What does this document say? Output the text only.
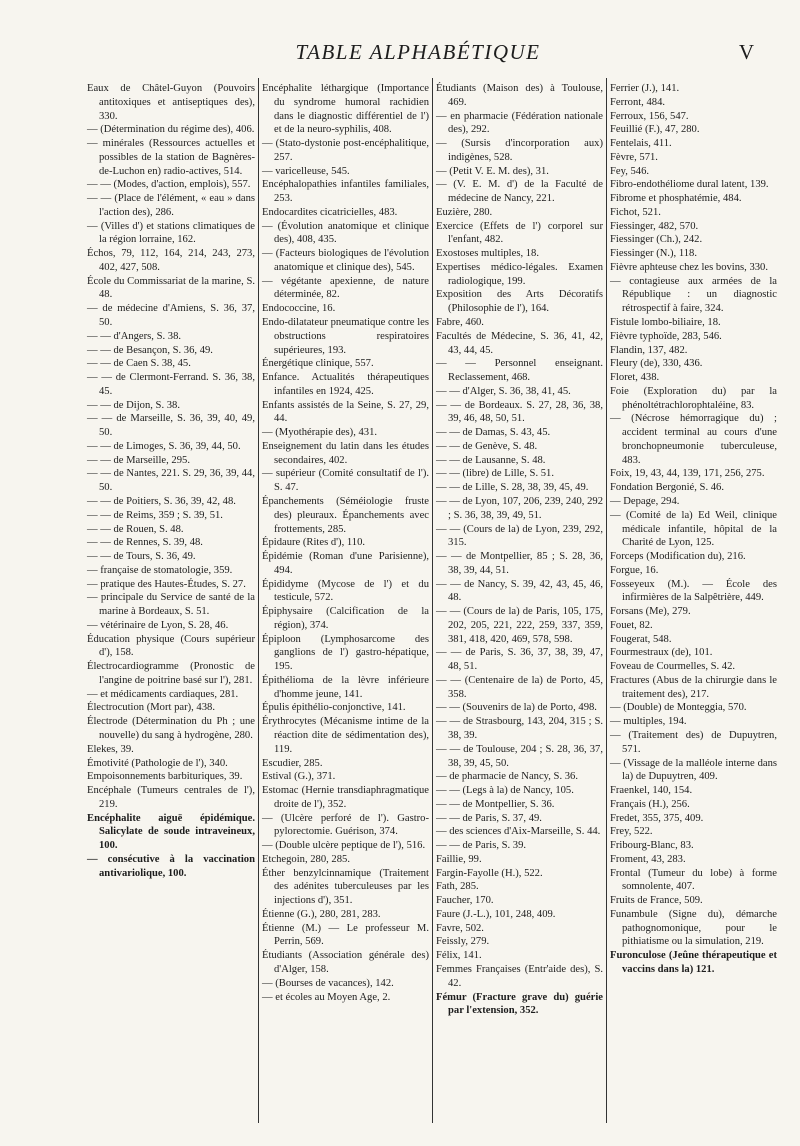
TABLE ALPHABÉTIQUE	V
Eaux de Châtel-Guyon (Pouvoirs antitoxiques et antiseptiques des), 330.
— (Détermination du régime des), 406.
— minérales (Ressources actuelles et possibles de la station de Bagnères-de-Luchon en) radio-actives, 514.
— — (Modes, d'action, emplois), 557.
— — (Place de l'élément, « eau » dans l'action des), 286.
— (Villes d') et stations climatiques de la région lorraine, 162.
Échos, 79, 112, 164, 214, 243, 273, 402, 427, 508.
École du Commissariat de la marine, S. 48.
— de médecine d'Amiens, S. 36, 37, 50.
— — d'Angers, S. 38.
— — de Besançon, S. 36, 49.
— — de Caen S. 38, 45.
— — de Clermont-Ferrand. S. 36, 38, 45.
— — de Dijon, S. 38.
— — de Marseille, S. 36, 39, 40, 49, 50.
— — de Limoges, S. 36, 39, 44, 50.
— — de Marseille, 295.
— — de Nantes, 221. S. 29, 36, 39, 44, 50.
— — de Poitiers, S. 36, 39, 42, 48.
— — de Reims, 359 ; S. 39, 51.
— — de Rouen, S. 48.
— — de Rennes, S. 39, 48.
— — de Tours, S. 36, 49.
— française de stomatologie, 359.
— pratique des Hautes-Études, S. 27.
— principale du Service de santé de la marine à Bordeaux, S. 51.
— vétérinaire de Lyon, S. 28, 46.
Éducation physique (Cours supérieur d'), 158.
Électrocardiogramme (Pronostic de l'angine de poitrine basé sur l'), 281.
— et médicaments cardiaques, 281.
Électrocution (Mort par), 438.
Électrode (Détermination du Ph ; une nouvelle) du sang à hydrogène, 280.
Elekes, 39.
Émotivité (Pathologie de l'), 340.
Empoisonnements barbituriques, 39.
Encéphale (Tumeurs centrales de l'), 219.
Encéphalite aiguë épidémique. Salicylate de soude intraveineux, 100.
— consécutive à la vaccination antivariolique, 100.
Encéphalite léthargique (Importance du syndrome humoral rachidien dans le diagnostic différentiel de l') et de la neuro-syphilis, 408.
— (Stato-dystonie post-encéphalitique, 257.
— varicelleuse, 545.
Encéphalopathies infantiles familiales, 253.
Endocardites cicatricielles, 483.
— (Évolution anatomique et clinique des), 408, 435.
— (Facteurs biologiques de l'évolution anatomique et clinique des), 545.
— végétante apexienne, de nature déterminée, 82.
Endococcine, 16.
Endo-dilatateur pneumatique contre les obstructions respiratoires supérieures, 193.
Énergétique clinique, 557.
Enfance. Actualités thérapeutiques infantiles en 1924, 425.
Enfants assistés de la Seine, S. 27, 29, 44.
— (Myothérapie des), 431.
Enseignement du latin dans les études secondaires, 402.
— supérieur (Comité consultatif de l'). S. 47.
Épanchements (Séméiologie fruste des) pleuraux. Épanchements avec frottements, 285.
Épidaure (Rites d'), 110.
Épidémie (Roman d'une Parisienne), 494.
Épididyme (Mycose de l') et du testicule, 572.
Épiphysaire (Calcification de la région), 374.
Épiploon (Lymphosarcome des ganglions de l') gastro-hépatique, 195.
Épithélioma de la lèvre inférieure d'homme jeune, 141.
Épulis épithélio-conjonctive, 141.
Érythrocytes (Mécanisme intime de la réaction dite de sédimentation des), 119.
Escudier, 285.
Estival (G.), 371.
Estomac (Hernie transdiaphragmatique droite de l'), 352.
— (Ulcère perforé de l'). Gastro-pylorectomie. Guérison, 374.
— (Double ulcère peptique de l'), 516.
Etchegoin, 280, 285.
Éther benzylcinnamique (Traitement des adénites tuberculeuses par les injections d'), 351.
Étienne (G.), 280, 281, 283.
Étienne (M.) — Le professeur M. Perrin, 569.
Étudiants (Association générale des) d'Alger, 158.
— (Bourses de vacances), 142.
— et écoles au Moyen Age, 2.
Étudiants (Maison des) à Toulouse, 469.
— en pharmacie (Fédération nationale des), 292.
— (Sursis d'incorporation aux) indigènes, 528.
— (Petit V. E. M. des), 31.
— (V. E. M. d') de la Faculté de médecine de Nancy, 221.
Euzière, 280.
Exercice (Effets de l') corporel sur l'enfant, 482.
Exostoses multiples, 18.
Expertises médico-légales. Examen radiologique, 199.
Exposition des Arts Décoratifs (Philosophie de l'), 164.
Fabre, 460.
Facultés de Médecine, S. 36, 41, 42, 43, 44, 45.
— — Personnel enseignant. Reclassement, 468.
— — d'Alger, S. 36, 38, 41, 45.
— — de Bordeaux. S. 27, 28, 36, 38, 39, 46, 48, 50, 51.
— — de Damas, S. 43, 45.
— — de Genève, S. 48.
— — de Lausanne, S. 48.
— — (libre) de Lille, S. 51.
— — de Lille, S. 28, 38, 39, 45, 49.
— — de Lyon, 107, 206, 239, 240, 292 ; S. 36, 38, 39, 49, 51.
— — (Cours de la) de Lyon, 239, 292, 315.
— — de Montpellier, 85 ; S. 28, 36, 38, 39, 44, 51.
— — de Nancy, S. 39, 42, 43, 45, 46, 48.
— — (Cours de la) de Paris, 105, 175, 202, 205, 221, 222, 259, 337, 359, 381, 418, 420, 469, 578, 598.
— — de Paris, S. 36, 37, 38, 39, 47, 48, 51.
— — (Centenaire de la) de Porto, 45, 358.
— — (Souvenirs de la) de Porto, 498.
— — de Strasbourg, 143, 204, 315 ; S. 38, 39.
— — de Toulouse, 204 ; S. 28, 36, 37, 38, 39, 45, 50.
— de pharmacie de Nancy, S. 36.
— — (Legs à la) de Nancy, 105.
— — de Montpellier, S. 36.
— — de Paris, S. 37, 49.
— des sciences d'Aix-Marseille, S. 44.
— — de Paris, S. 39.
Faillie, 99.
Fargin-Fayolle (H.), 522.
Fath, 285.
Faucher, 170.
Faure (J.-L.), 101, 248, 409.
Favre, 502.
Feissly, 279.
Félix, 141.
Femmes Françaises (Entr'aide des), S. 42.
Fémur (Fracture grave du) guérie par l'extension, 352.
Ferrier (J.), 141.
Ferront, 484.
Ferroux, 156, 547.
Feuillié (F.), 47, 280.
Fentelais, 411.
Fèvre, 571.
Fey, 546.
Fibro-endothéliome dural latent, 139.
Fibrome et phosphatémie, 484.
Fichot, 521.
Fiessinger, 482, 570.
Fiessinger (Ch.), 242.
Fiessinger (N.), 118.
Fièvre aphteuse chez les bovins, 330.
— contagieuse aux armées de la République : un diagnostic rétrospectif à faire, 324.
Fistule lombo-biliaire, 18.
Fièvre typhoïde, 283, 546.
Flandin, 137, 482.
Fleury (de), 330, 436.
Floret, 438.
Foie (Exploration du) par la phénoltétrachlorophtaléine, 83.
— (Nécrose hémorragique du) ; accident terminal au cours d'une bronchopneumonie tuberculeuse, 483.
Foix, 19, 43, 44, 139, 171, 256, 275.
Fondation Bergonié, S. 46.
— Depage, 294.
— (Comité de la) Ed Weil, clinique médicale infantile, hôpital de la Charité de Lyon, 125.
Forceps (Modification du), 216.
Forgue, 16.
Fosseyeux (M.). — École des infirmières de la Salpêtrière, 449.
Forsans (Me), 279.
Fouet, 82.
Fougerat, 548.
Fourmestraux (de), 101.
Foveau de Courmelles, S. 42.
Fractures (Abus de la chirurgie dans le traitement des), 217.
— (Double) de Monteggia, 570.
— multiples, 194.
— (Traitement des) de Dupuytren, 571.
— (Vissage de la malléole interne dans la) de Dupuytren, 409.
Fraenkel, 140, 154.
Français (H.), 256.
Fredet, 355, 375, 409.
Frey, 522.
Fribourg-Blanc, 83.
Froment, 43, 283.
Frontal (Tumeur du lobe) à forme somnolente, 407.
Fruits de France, 509.
Funambule (Signe du), démarche pathognomonique, pour le pithiatisme ou la simulation, 219.
Furonculose (Jeûne thérapeutique et vaccins dans la) 121.
